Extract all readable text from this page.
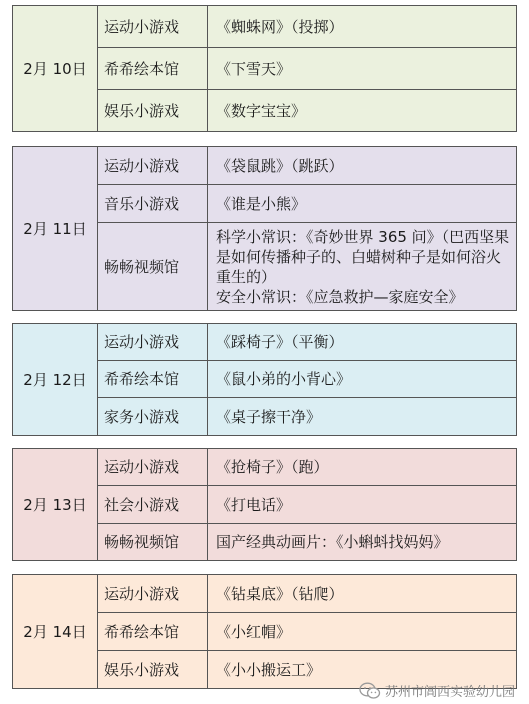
2月 10日	运动小游戏	《蜘蛛网》（投掷）
	希希绘本馆	《下雪天》
	娱乐小游戏	《数字宝宝》
2月 11日	运动小游戏	《袋鼠跳》（跳跃）
	音乐小游戏	《谁是小熊》
	畅畅视频馆	科学小常识：《奇妙世界 365 问》（巴西坚果是如何传播种子的、白蜡树种子是如何浴火重生的）
安全小常识：《应急救护—家庭安全》
2月 12日	运动小游戏	《踩椅子》（平衡）
	希希绘本馆	《鼠小弟的小背心》
	家务小游戏	《桌子擦干净》
2月 13日	运动小游戏	《抢椅子》（跑）
	社会小游戏	《打电话》
	畅畅视频馆	国产经典动画片：《小蝌蚪找妈妈》
2月 14日	运动小游戏	《钻桌底》（钻爬）
	希希绘本馆	《小红帽》
	娱乐小游戏	《小小搬运工》
苏州市阊西实验幼儿园
